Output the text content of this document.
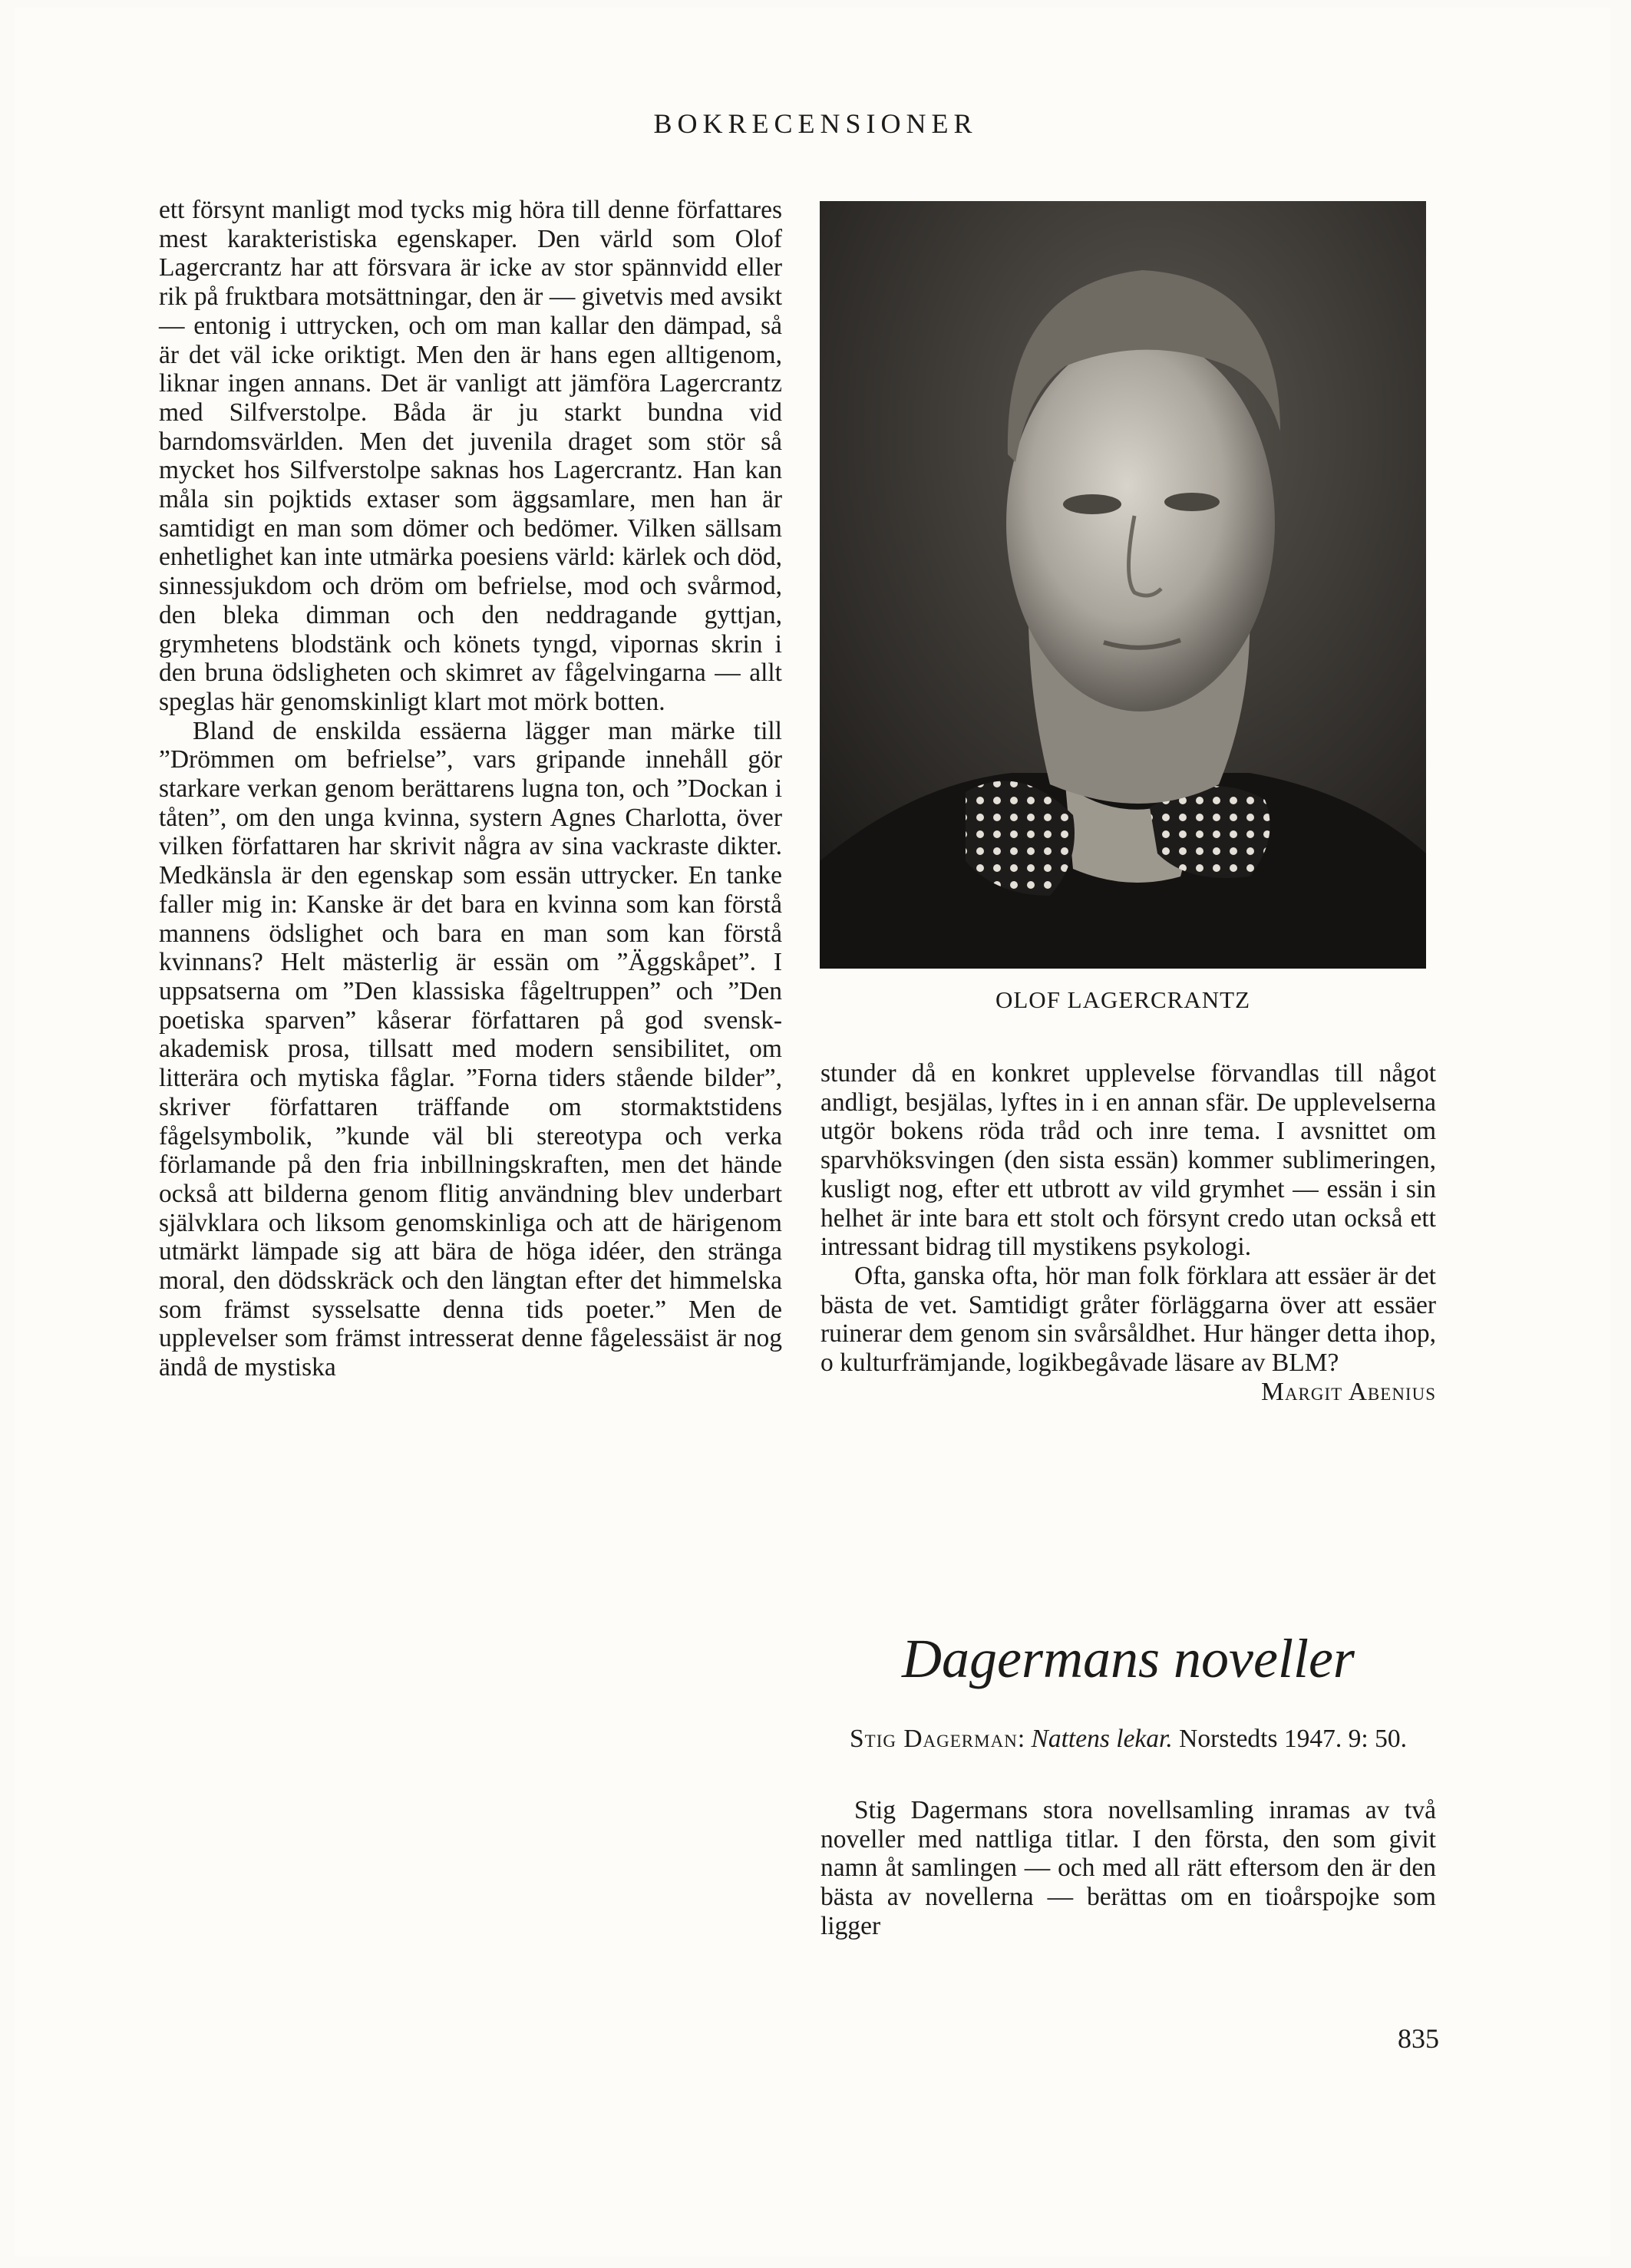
BOKRECENSIONER

ett försynt manligt mod tycks mig höra till denne författares mest karakteristiska egenskaper. Den värld som Olof Lagercrantz har att försvara är icke av stor spännvidd eller rik på fruktbara motsättningar, den är — givetvis med avsikt — entonig i uttrycken, och om man kallar den dämpad, så är det väl icke oriktigt. Men den är hans egen alltigenom, liknar ingen annans. Det är vanligt att jämföra Lagercrantz med Silfverstolpe. Båda är ju starkt bundna vid barndomsvärlden. Men det juvenila draget som stör så mycket hos Silfverstolpe saknas hos Lagercrantz. Han kan måla sin pojktids extaser som äggsamlare, men han är samtidigt en man som dömer och bedömer. Vilken sällsam enhetlighet kan inte utmärka poesiens värld: kärlek och död, sinnessjukdom och dröm om befrielse, mod och svårmod, den bleka dimman och den neddragande gyttjan, grymhetens blodstänk och könets tyngd, vipornas skrin i den bruna ödsligheten och skimret av fågelvingarna — allt speglas här genomskinligt klart mot mörk botten.

Bland de enskilda essäerna lägger man märke till ”Drömmen om befrielse”, vars gripande innehåll gör starkare verkan genom berättarens lugna ton, och ”Dockan i tåten”, om den unga kvinna, systern Agnes Charlotta, över vilken författaren har skrivit några av sina vackraste dikter. Medkänsla är den egenskap som essän uttrycker. En tanke faller mig in: Kanske är det bara en kvinna som kan förstå mannens ödslighet och bara en man som kan förstå kvinnans? Helt mästerlig är essän om ”Äggskåpet”. I uppsatserna om ”Den klassiska fågeltruppen” och ”Den poetiska sparven” kåserar författaren på god svensk-akademisk prosa, tillsatt med modern sensibilitet, om litterära och mytiska fåglar. ”Forna tiders stående bilder”, skriver författaren träffande om stormaktstidens fågelsymbolik, ”kunde väl bli stereotypa och verka förlamande på den fria inbillningskraften, men det hände också att bilderna genom flitig användning blev underbart självklara och liksom genomskinliga och att de härigenom utmärkt lämpade sig att bära de höga idéer, den stränga moral, den dödsskräck och den längtan efter det himmelska som främst sysselsatte denna tids poeter.” Men de upplevelser som främst intresserat denne fågelessäist är nog ändå de mystiska

OLOF LAGERCRANTZ

stunder då en konkret upplevelse förvandlas till något andligt, besjälas, lyftes in i en annan sfär. De upplevelserna utgör bokens röda tråd och inre tema. I avsnittet om sparvhöksvingen (den sista essän) kommer sublimeringen, kusligt nog, efter ett utbrott av vild grymhet — essän i sin helhet är inte bara ett stolt och försynt credo utan också ett intressant bidrag till mystikens psykologi.

Ofta, ganska ofta, hör man folk förklara att essäer är det bästa de vet. Samtidigt gråter förläggarna över att essäer ruinerar dem genom sin svårsåldhet. Hur hänger detta ihop, o kulturfrämjande, logikbegåvade läsare av BLM?
Margit Abenius

Dagermans noveller
Stig Dagerman: Nattens lekar. Norstedts 1947. 9: 50.

Stig Dagermans stora novellsamling inramas av två noveller med nattliga titlar. I den första, den som givit namn åt samlingen — och med all rätt eftersom den är den bästa av novellerna — berättas om en tioårspojke som ligger

835
